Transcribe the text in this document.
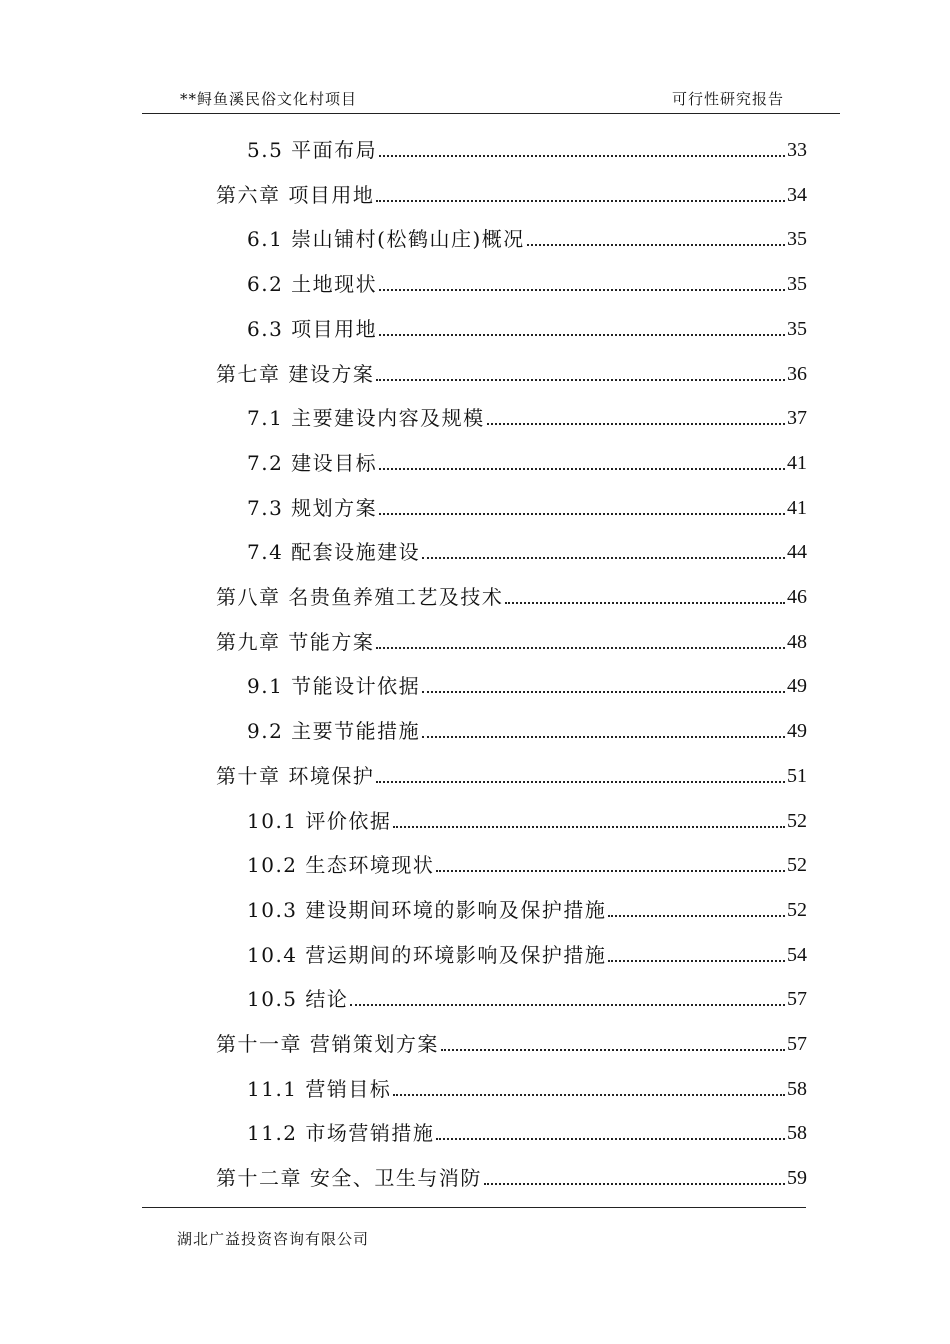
**鲟鱼溪民俗文化村项目	可行性研究报告
5.5 平面布局	33
第六章 项目用地	34
6.1 崇山铺村(松鹤山庄)概况	35
6.2 土地现状	35
6.3 项目用地	35
第七章 建设方案	36
7.1 主要建设内容及规模	37
7.2 建设目标	41
7.3 规划方案	41
7.4 配套设施建设	44
第八章 名贵鱼养殖工艺及技术	46
第九章 节能方案	48
9.1 节能设计依据	49
9.2 主要节能措施	49
第十章 环境保护	51
10.1 评价依据	52
10.2 生态环境现状	52
10.3 建设期间环境的影响及保护措施	52
10.4 营运期间的环境影响及保护措施	54
10.5 结论	57
第十一章 营销策划方案	57
11.1 营销目标	58
11.2 市场营销措施	58
第十二章 安全、卫生与消防	59
湖北广益投资咨询有限公司
